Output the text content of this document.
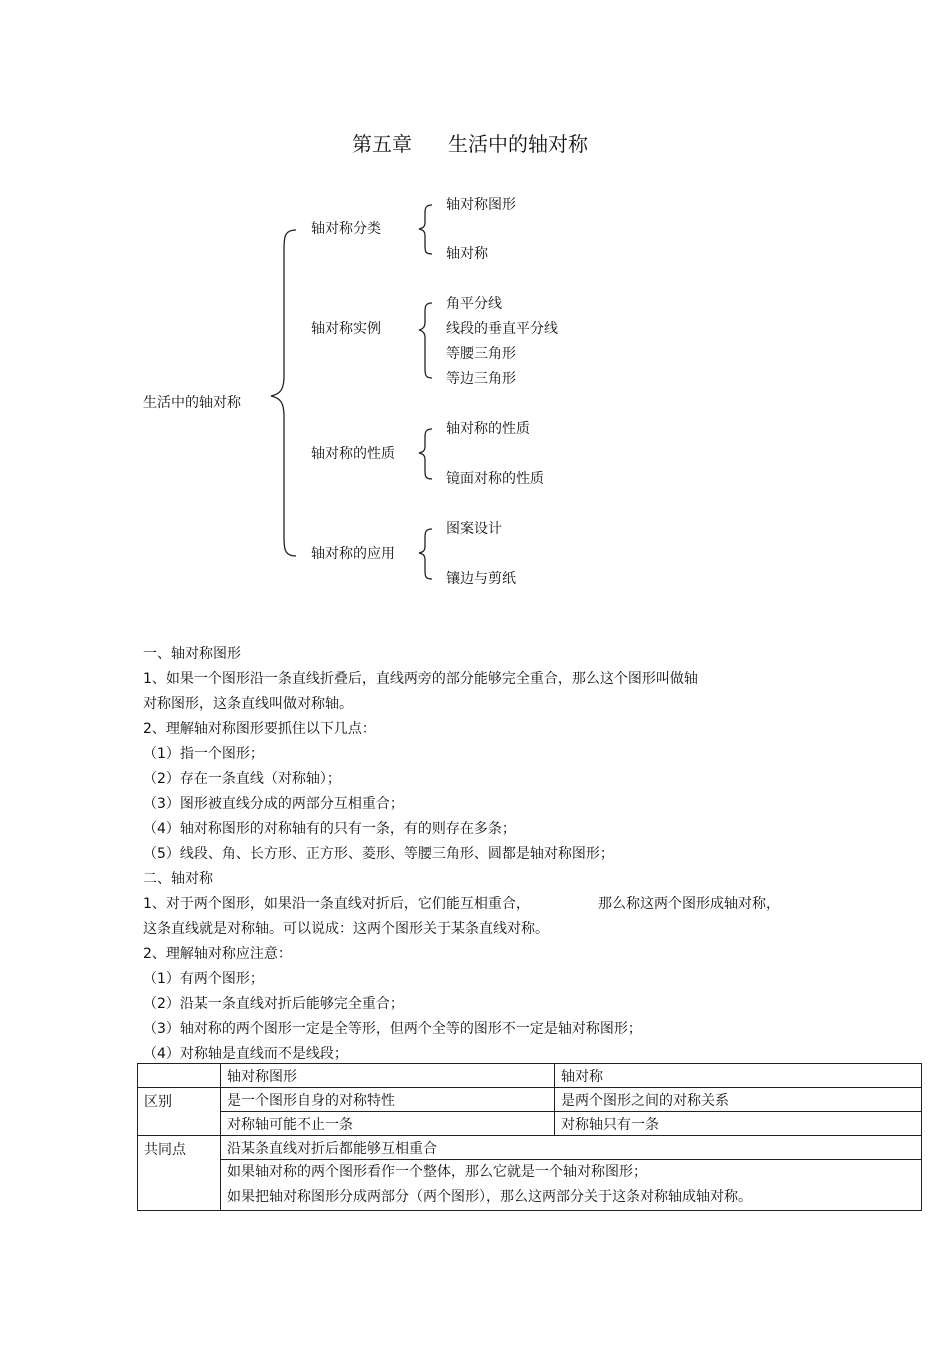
第五章 生活中的轴对称
生活中的轴对称
轴对称分类
轴对称实例
轴对称的性质
轴对称的应用
轴对称图形
轴对称
角平分线
线段的垂直平分线
等腰三角形
等边三角形
轴对称的性质
镜面对称的性质
图案设计
镶边与剪纸
一、轴对称图形
1、如果一个图形沿一条直线折叠后，直线两旁的部分能够完全重合，那么这个图形叫做轴
对称图形，这条直线叫做对称轴。
2、理解轴对称图形要抓住以下几点：
（1）指一个图形；
（2）存在一条直线（对称轴）；
（3）图形被直线分成的两部分互相重合；
（4）轴对称图形的对称轴有的只有一条，有的则存在多条；
（5）线段、角、长方形、正方形、菱形、等腰三角形、圆都是轴对称图形；
二、轴对称
1、对于两个图形，如果沿一条直线对折后，它们能互相重合，	那么称这两个图形成轴对称，
这条直线就是对称轴。可以说成：这两个图形关于某条直线对称。
2、理解轴对称应注意：
（1）有两个图形；
（2）沿某一条直线对折后能够完全重合；
（3）轴对称的两个图形一定是全等形，但两个全等的图形不一定是轴对称图形；
（4）对称轴是直线而不是线段；
	轴对称图形	轴对称
区别	是一个图形自身的对称特性	是两个图形之间的对称关系
	对称轴可能不止一条	对称轴只有一条
共同点	沿某条直线对折后都能够互相重合	

	如果轴对称的两个图形看作一个整体，那么它就是一个轴对称图形；
如果把轴对称图形分成两部分（两个图形），那么这两部分关于这条对称轴成轴对称。	
